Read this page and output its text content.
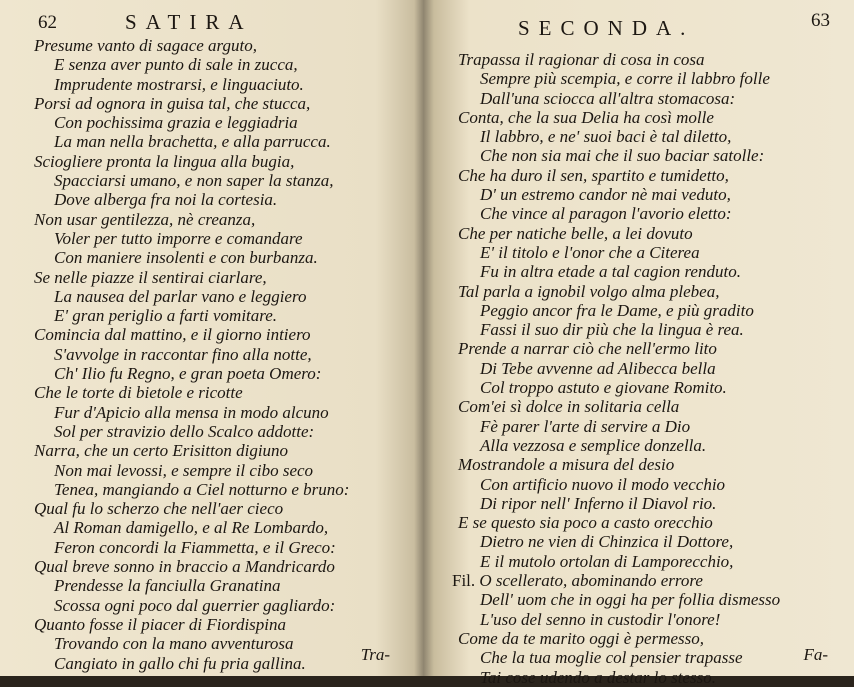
62	SATIRA
Presume vanto di sagace arguto,
E senza aver punto di sale in zucca,
Imprudente mostrarsi, e linguaciuto.
Porsi ad ognora in guisa tal, che stucca,
Con pochissima grazia e leggiadria
La man nella brachetta, e alla parrucca.
Sciogliere pronta la lingua alla bugia,
Spacciarsi umano, e non saper la stanza,
Dove alberga fra noi la cortesia.
Non usar gentilezza, nè creanza,
Voler per tutto imporre e comandare
Con maniere insolenti e con burbanza.
Se nelle piazze il sentirai ciarlare,
La nausea del parlar vano e leggiero
E' gran periglio a farti vomitare.
Comincia dal mattino, e il giorno intiero
S'avvolge in raccontar fino alla notte,
Ch' Ilio fu Regno, e gran poeta Omero:
Che le torte di bietole e ricotte
Fur d'Apicio alla mensa in modo alcuno
Sol per stravizio dello Scalco addotte:
Narra, che un certo Erisitton digiuno
Non mai levossi, e sempre il cibo seco
Tenea, mangiando a Ciel notturno e bruno:
Qual fu lo scherzo che nell'aer cieco
Al Roman damigello, e al Re Lombardo,
Feron concordi la Fiammetta, e il Greco:
Qual breve sonno in braccio a Mandricardo
Prendesse la fanciulla Granatina
Scossa ogni poco dal guerrier gagliardo:
Quanto fosse il piacer di Fiordispina
Trovando con la mano avventurosa
Cangiato in gallo chi fu pria gallina.	Tra-
SECONDA.	63
Trapassa il ragionar di cosa in cosa
Sempre più scempia, e corre il labbro folle
Dall'una sciocca all'altra stomacosa:
Conta, che la sua Delia ha così molle
Il labbro, e ne' suoi baci è tal diletto,
Che non sia mai che il suo baciar satolle:
Che ha duro il sen, spartito e tumidetto,
D' un estremo candor nè mai veduto,
Che vince al paragon l'avorio eletto:
Che per natiche belle, a lei dovuto
E' il titolo e l'onor che a Citerea
Fu in altra etade a tal cagion renduto.
Tal parla a ignobil volgo alma plebea,
Peggio ancor fra le Dame, e più gradito
Fassi il suo dir più che la lingua è rea.
Prende a narrar ciò che nell'ermo lito
Di Tebe avvenne ad Alibecca bella
Col troppo astuto e giovane Romito.
Com'ei sì dolce in solitaria cella
Fè parer l'arte di servire a Dio
Alla vezzosa e semplice donzella.
Mostrandole a misura del desio
Con artificio nuovo il modo vecchio
Di ripor nell' Inferno il Diavol rio.
E se questo sia poco a casto orecchio
Dietro ne vien di Chinzica il Dottore,
E il mutolo ortolan di Lamporecchio,
Fil. O scellerato, abominando errore
Dell' uom che in oggi ha per follia dismesso
L'uso del senno in custodir l'onore!
Come da te marito oggi è permesso,
Che la tua moglie col pensier trapasse
Tai cose udendo a destar lo stesso.
Fa-
